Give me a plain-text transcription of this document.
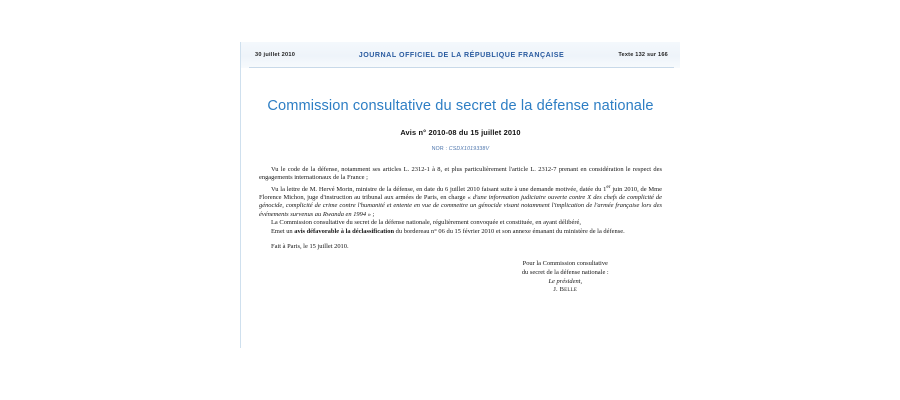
30 juillet 2010	JOURNAL OFFICIEL DE LA RÉPUBLIQUE FRANÇAISE	Texte 132 sur 166
Commission consultative du secret de la défense nationale
Avis n° 2010-08 du 15 juillet 2010
NOR : CSDX1019338V

Vu le code de la défense, notamment ses articles L. 2312-1 à 8, et plus particulièrement l'article L. 2312-7 prenant en considération le respect des engagements internationaux de la France ;

Vu la lettre de M. Hervé Morin, ministre de la défense, en date du 6 juillet 2010 faisant suite à une demande motivée, datée du 1er juin 2010, de Mme Florence Michon, juge d'instruction au tribunal aux armées de Paris, en charge « d'une information judiciaire ouverte contre X des chefs de complicité de génocide, complicité de crime contre l'humanité et entente en vue de commettre un génocide visant notamment l'implication de l'armée française lors des événements survenus au Rwanda en 1994 » ;

La Commission consultative du secret de la défense nationale, régulièrement convoquée et constituée, en ayant délibéré,

Emet un avis défavorable à la déclassification du bordereau n° 06 du 15 février 2010 et son annexe émanant du ministère de la défense.

Fait à Paris, le 15 juillet 2010.

Pour la Commission consultative
du secret de la défense nationale :
Le président,
J. Belle
